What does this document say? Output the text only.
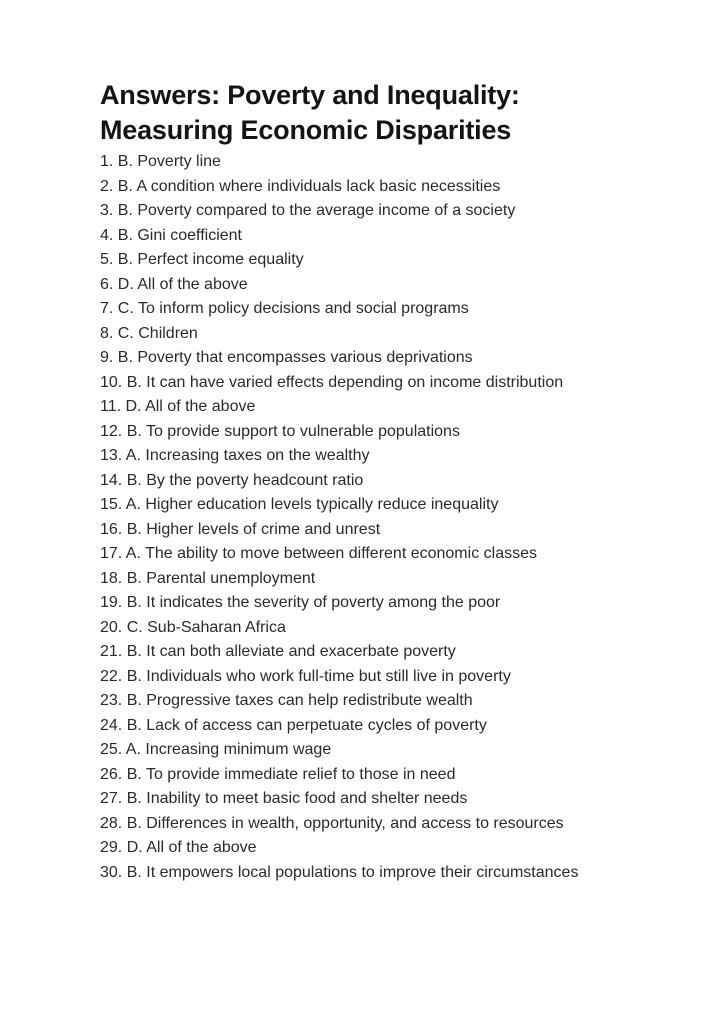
Answers: Poverty and Inequality:
Measuring Economic Disparities
1. B. Poverty line
2. B. A condition where individuals lack basic necessities
3. B. Poverty compared to the average income of a society
4. B. Gini coefficient
5. B. Perfect income equality
6. D. All of the above
7. C. To inform policy decisions and social programs
8. C. Children
9. B. Poverty that encompasses various deprivations
10. B. It can have varied effects depending on income distribution
11. D. All of the above
12. B. To provide support to vulnerable populations
13. A. Increasing taxes on the wealthy
14. B. By the poverty headcount ratio
15. A. Higher education levels typically reduce inequality
16. B. Higher levels of crime and unrest
17. A. The ability to move between different economic classes
18. B. Parental unemployment
19. B. It indicates the severity of poverty among the poor
20. C. Sub-Saharan Africa
21. B. It can both alleviate and exacerbate poverty
22. B. Individuals who work full-time but still live in poverty
23. B. Progressive taxes can help redistribute wealth
24. B. Lack of access can perpetuate cycles of poverty
25. A. Increasing minimum wage
26. B. To provide immediate relief to those in need
27. B. Inability to meet basic food and shelter needs
28. B. Differences in wealth, opportunity, and access to resources
29. D. All of the above
30. B. It empowers local populations to improve their circumstances
